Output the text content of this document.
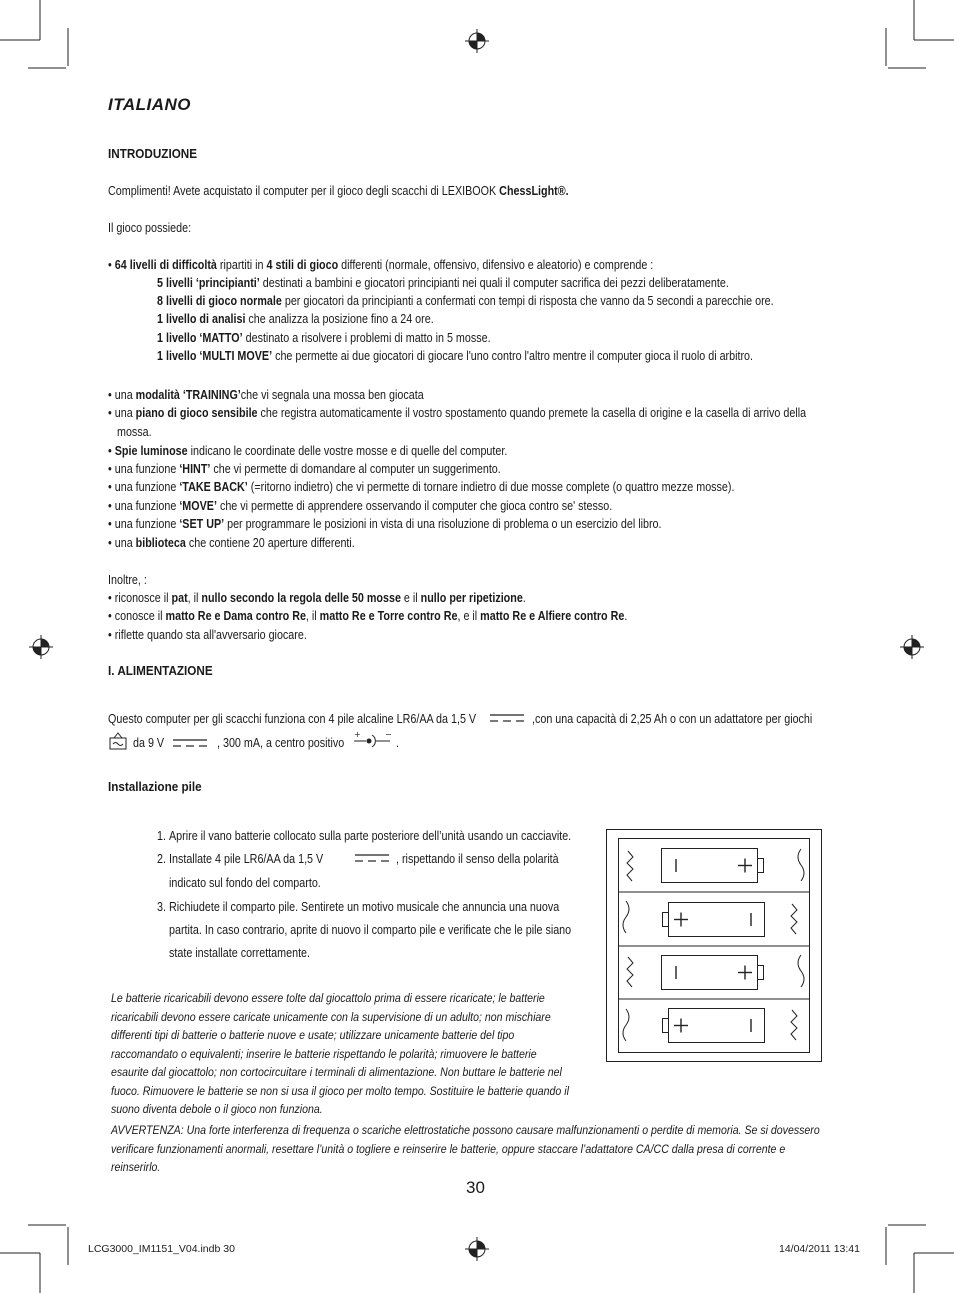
ITALIANO
INTRODUZIONE
Complimenti! Avete acquistato il computer per il gioco degli scacchi di LEXIBOOK ChessLight®.
Il gioco possiede:
• 64 livelli di difficoltà ripartiti in 4 stili di gioco differenti (normale, offensivo, difensivo e aleatorio) e comprende :
5 livelli ‘principianti’ destinati a bambini e giocatori principianti nei quali il computer sacrifica dei pezzi deliberatamente.
8 livelli di gioco normale per giocatori da principianti a confermati con tempi di risposta che vanno da 5 secondi a parecchie ore.
1 livello di analisi che analizza la posizione fino a 24 ore.
1 livello ‘MATTO’ destinato a risolvere i problemi di matto in 5 mosse.
1 livello ‘MULTI MOVE’ che permette ai due giocatori di giocare l'uno contro l'altro mentre il computer gioca il ruolo di arbitro.
• una modalità ‘TRAINING’che vi segnala una mossa ben giocata
• una piano di gioco sensibile che registra automaticamente il vostro spostamento quando premete la casella di origine e la casella di arrivo della
mossa.
• Spie luminose indicano le coordinate delle vostre mosse e di quelle del computer.
• una funzione ‘HINT’ che vi permette di domandare al computer un suggerimento.
• una funzione ‘TAKE BACK’ (=ritorno indietro) che vi permette di tornare indietro di due mosse complete (o quattro mezze mosse).
• una funzione ‘MOVE’ che vi permette di apprendere osservando il computer che gioca contro se' stesso.
• una funzione ‘SET UP’ per programmare le posizioni in vista di una risoluzione di problema o un esercizio del libro.
• una biblioteca che contiene 20 aperture differenti.
Inoltre, :
• riconosce il pat, il nullo secondo la regola delle 50 mosse e il nullo per ripetizione.
• conosce il matto Re e Dama contro Re, il matto Re e Torre contro Re, e il matto Re e Alfiere contro Re.
• riflette quando sta all'avversario giocare.
I. ALIMENTAZIONE
Questo computer per gli scacchi funziona con 4 pile alcaline LR6/AA da 1,5 V	,con una capacità di 2,25 Ah o con un adattatore per giochi
da 9 V	, 300 mA, a centro positivo
+	−
.
Installazione pile
1. Aprire il vano batterie collocato sulla parte posteriore dell’unità usando un cacciavite.
2. Installate 4 pile LR6/AA da 1,5 V	, rispettando il senso della polarità
indicato sul fondo del comparto.
3. Richiudete il comparto pile. Sentirete un motivo musicale che annuncia una nuova
partita. In caso contrario, aprite di nuovo il comparto pile e verificate che le pile siano
state installate correttamente.
Le batterie ricaricabili devono essere tolte dal giocattolo prima di essere ricaricate; le batterie
ricaricabili devono essere caricate unicamente con la supervisione di un adulto; non mischiare
differenti tipi di batterie o batterie nuove e usate; utilizzare unicamente batterie del tipo
raccomandato o equivalenti; inserire le batterie rispettando le polarità; rimuovere le batterie
esaurite dal giocattolo; non cortocircuitare i terminali di alimentazione. Non buttare le batterie nel
fuoco. Rimuovere le batterie se non si usa il gioco per molto tempo. Sostituire le batterie quando il
suono diventa debole o il gioco non funziona.
AVVERTENZA: Una forte interferenza di frequenza o scariche elettrostatiche possono causare malfunzionamenti o perdite di memoria. Se si dovessero
verificare funzionamenti anormali, resettare l’unità o togliere e reinserire le batterie, oppure staccare l’adattatore CA/CC dalla presa di corrente e
reinserirlo.
30
LCG3000_IM1151_V04.indb 30	14/04/2011 13:41
